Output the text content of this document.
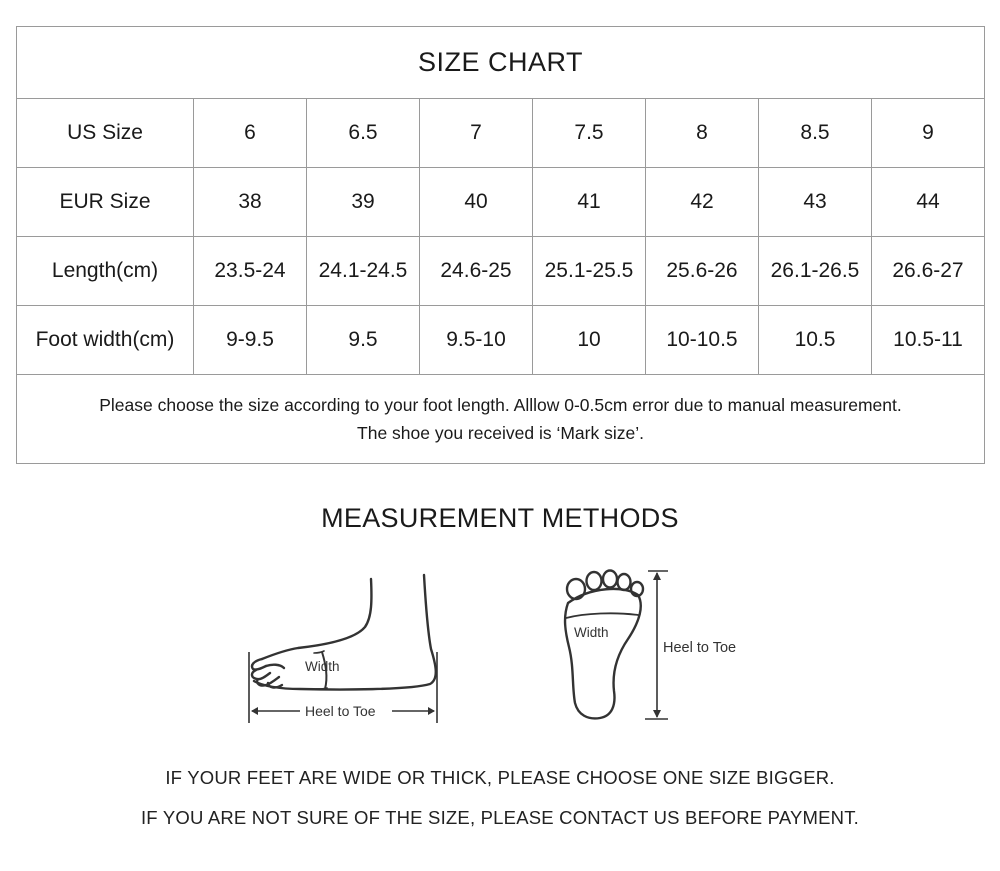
SIZE CHART							
US Size	6	6.5	7	7.5	8	8.5	9
EUR Size	38	39	40	41	42	43	44
Length(cm)	23.5-24	24.1-24.5	24.6-25	25.1-25.5	25.6-26	26.1-26.5	26.6-27
Foot width(cm)	9-9.5	9.5	9.5-10	10	10-10.5	10.5	10.5-11

Please choose the size according to your foot length. Alllow 0-0.5cm error due to manual measurement.
The shoe you received is ‘Mark size’.							
MEASUREMENT METHODS
Width
Heel to Toe
Width
Heel to Toe
IF YOUR FEET ARE WIDE OR THICK, PLEASE CHOOSE ONE SIZE BIGGER.
IF YOU ARE NOT SURE OF THE SIZE, PLEASE CONTACT US BEFORE PAYMENT.
